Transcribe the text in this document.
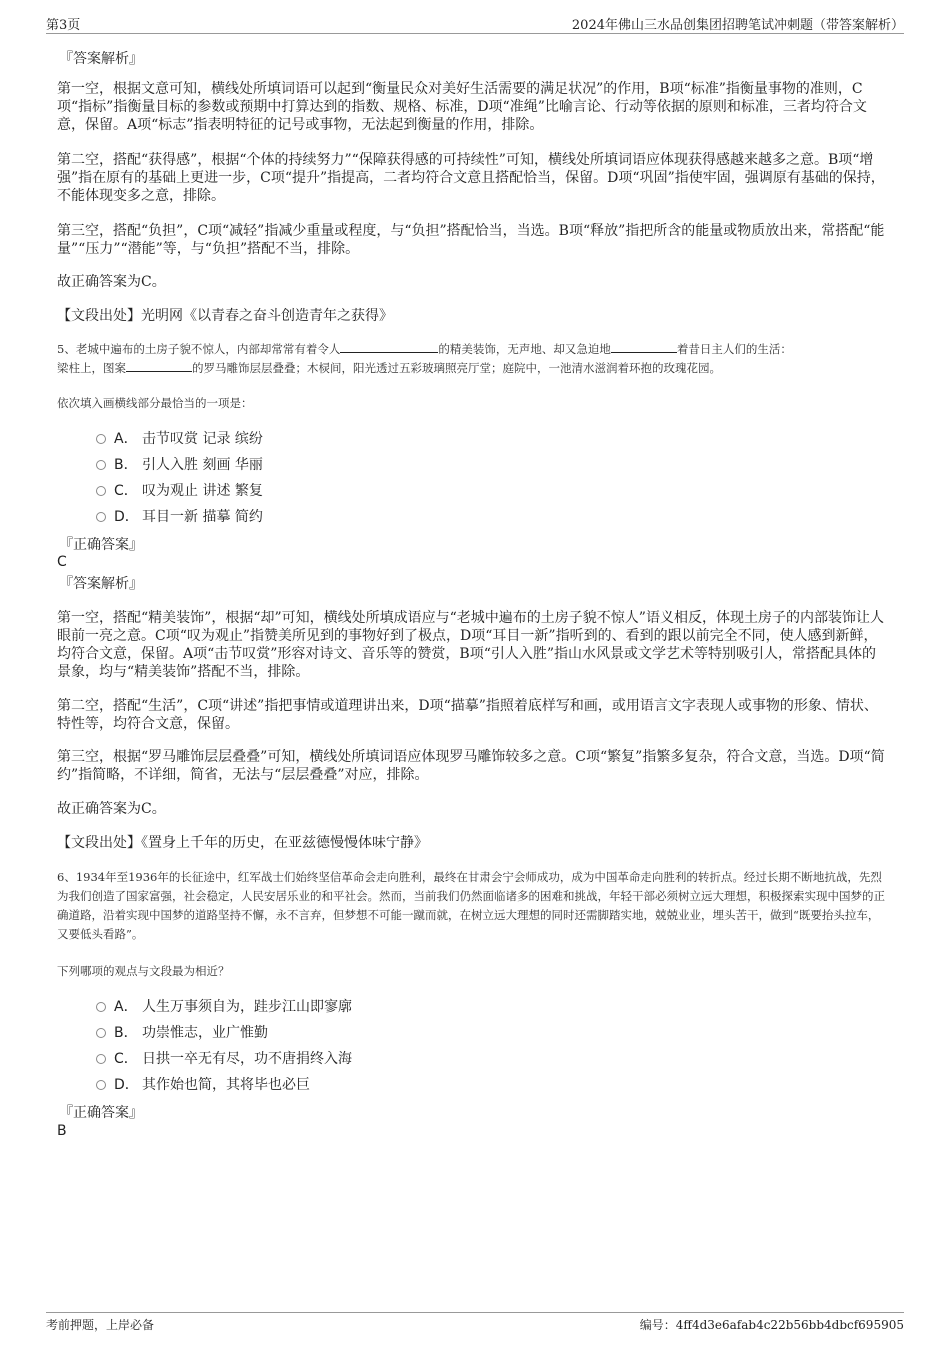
第3页	2024年佛山三水品创集团招聘笔试冲刺题（带答案解析）
『答案解析』
第一空，根据文意可知，横线处所填词语可以起到“衡量民众对美好生活需要的满足状况”的作用，B项“标准”指衡量事物的准则，C项“指标”指衡量目标的参数或预期中打算达到的指数、规格、标准，D项“准绳”比喻言论、行动等依据的原则和标准，三者均符合文意，保留。A项“标志”指表明特征的记号或事物，无法起到衡量的作用，排除。
第二空，搭配“获得感”，根据“个体的持续努力”“保障获得感的可持续性”可知，横线处所填词语应体现获得感越来越多之意。B项“增强”指在原有的基础上更进一步，C项“提升”指提高，二者均符合文意且搭配恰当，保留。D项“巩固”指使牢固，强调原有基础的保持，不能体现变多之意，排除。
第三空，搭配“负担”，C项“减轻”指减少重量或程度，与“负担”搭配恰当，当选。B项“释放”指把所含的能量或物质放出来，常搭配“能量”“压力”“潜能”等，与“负担”搭配不当，排除。
故正确答案为C。
【文段出处】光明网《以青春之奋斗创造青年之获得》
5、老城中遍布的土房子貌不惊人，内部却常常有着令人	的精美装饰，无声地、却又急迫地	着昔日主人们的生活：
梁柱上，图案	的罗马雕饰层层叠叠；木棂间，阳光透过五彩玻璃照亮厅堂；庭院中，一池清水滋润着环抱的玫瑰花园。
依次填入画横线部分最恰当的一项是：
A． 击节叹赏 记录 缤纷
B． 引人入胜 刻画 华丽
C． 叹为观止 讲述 繁复
D． 耳目一新 描摹 简约
『正确答案』
C
『答案解析』
第一空，搭配“精美装饰”，根据“却”可知，横线处所填成语应与“老城中遍布的土房子貌不惊人”语义相反，体现土房子的内部装饰让人眼前一亮之意。C项“叹为观止”指赞美所见到的事物好到了极点，D项“耳目一新”指听到的、看到的跟以前完全不同，使人感到新鲜，均符合文意，保留。A项“击节叹赏”形容对诗文、音乐等的赞赏，B项“引人入胜”指山水风景或文学艺术等特别吸引人，常搭配具体的景象，均与“精美装饰”搭配不当，排除。
第二空，搭配“生活”，C项“讲述”指把事情或道理讲出来，D项“描摹”指照着底样写和画，或用语言文字表现人或事物的形象、情状、特性等，均符合文意，保留。
第三空，根据“罗马雕饰层层叠叠”可知，横线处所填词语应体现罗马雕饰较多之意。C项“繁复”指繁多复杂，符合文意，当选。D项“简约”指简略，不详细，简省，无法与“层层叠叠”对应，排除。
故正确答案为C。
【文段出处】《置身上千年的历史，在亚兹德慢慢体味宁静》
6、1934年至1936年的长征途中，红军战士们始终坚信革命会走向胜利，最终在甘肃会宁会师成功，成为中国革命走向胜利的转折点。经过长期不断地抗战，先烈为我们创造了国家富强，社会稳定，人民安居乐业的和平社会。然而，当前我们仍然面临诸多的困难和挑战，年轻干部必须树立远大理想，积极探索实现中国梦的正确道路，沿着实现中国梦的道路坚持不懈，永不言弃，但梦想不可能一蹴而就，在树立远大理想的同时还需脚踏实地，兢兢业业，埋头苦干，做到“既要抬头拉车，又要低头看路”。
下列哪项的观点与文段最为相近？
A． 人生万事须自为，跬步江山即寥廓
B． 功崇惟志，业广惟勤
C． 日拱一卒无有尽，功不唐捐终入海
D． 其作始也简，其将毕也必巨
『正确答案』
B
考前押题，上岸必备	编号：4ff4d3e6afab4c22b56bb4dbcf695905
